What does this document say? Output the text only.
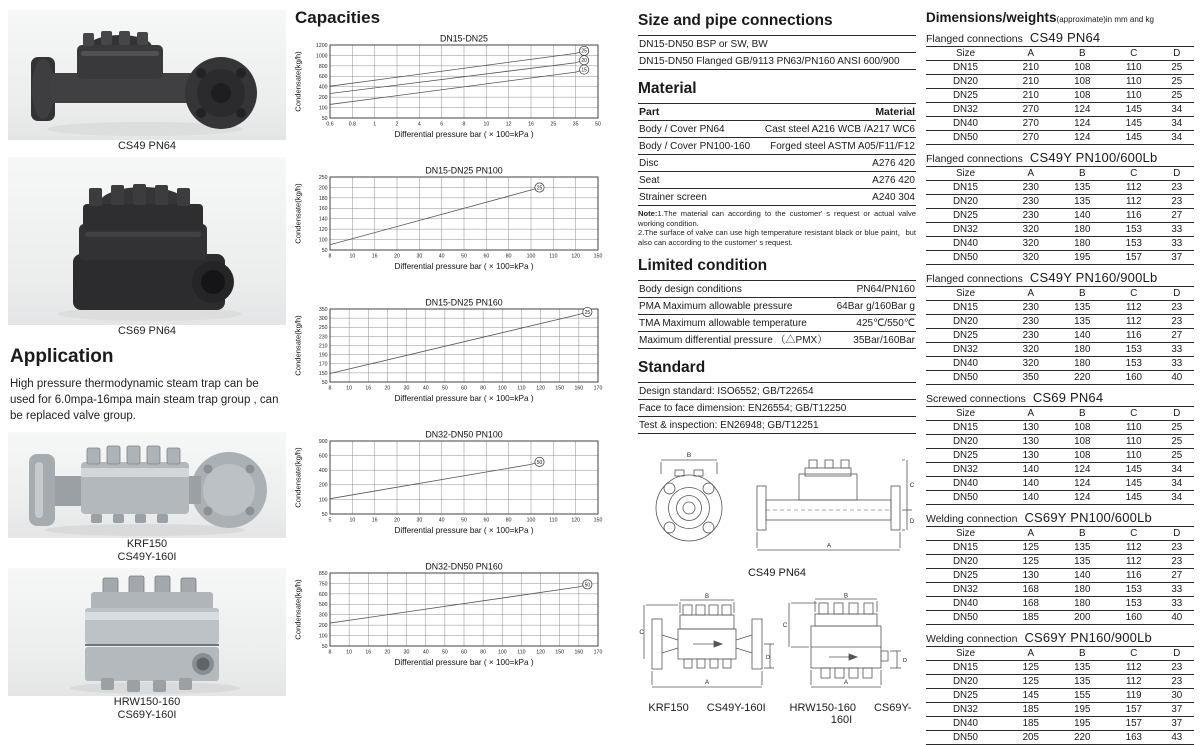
CS49 PN64
CS69 PN64
Application
High pressure thermodynamic steam trap can be used for 6.0mpa-16mpa main steam trap group , can be replaced valve group.
KRF150
CS49Y-160I
HRW150-160
CS69Y-160I
Capacities
DN15-DN25
0.6	0.8	1	2	4	6	8	10	12	16	25	35	50
50
100
200
400
600
800
1000
1200
Condensate(kg/h)
Differential pressure bar ( × 100=kPa )
25
20
15
DN15-DN25 PN100
8	10	16	20	30	40	50	60	80	100	110	120	150
50
100
120
140
160
180
200
250
Condensate(kg/h)
Differential pressure bar ( × 100=kPa )
25
DN15-DN25 PN160
8	10	16	20	30	40	50	60	80 100 110 120 150 160 170
50
150
170
190
210
230
250
300
350
Condensate(kg/h)
Differential pressure bar ( × 100=kPa )
25
DN32-DN50 PN100
5	10	16	20	30	40	50	60	80	100	110	120	150
50
100
200
400
600
900
Condensate(kg/h)
Differential pressure bar ( × 100=kPa )
50
DN32-DN50 PN160
8	10	16	20	30	40	50	60	80 100 110 120 150 160 170
50
100
200
300
500
600
750
850
Condensate(kg/h)
Differential pressure bar ( × 100=kPa )
50
Size and pipe connections
DN15-DN50 BSP or SW, BW
DN15-DN50 Flanged GB/9113 PN63/PN160 ANSI 600/900
Material
Part	Material
Body / Cover PN64	Cast steel A216 WCB /A217 WC6
Body / Cover PN100-160 Forged steel ASTM A05/F11/F12
Disc	A276 420
Seat	A276 420
Strainer screen	A240 304
Note:1.The material can according to the customer' s request or actual valve working condition.
2.The surface of valve can use high temperature resistant black or blue paint，but also can according to the customer' s request.
Limited condition
Body design conditions	PN64/PN160
PMA Maximum allowable pressure	64Bar g/160Bar g
TMA Maximum allowable temperature	425℃/550℃
Maximum differential pressure （△PMX）	35Bar/160Bar
Standard
Design standard: ISO6552; GB/T22654
Face to face dimension: EN26554; GB/T12250
Test & inspection: EN26948; GB/T12251
B
A
C
D
CS49 PN64
B
C
D
A
KRF150 CS49Y-160I
B
C
D
A
HRW150-160 CS69Y-160I
Dimensions/weights(approximate)in mm and kg
Flanged connections CS49 PN64
Size	A	B	C	D
DN15	210	108	110	25
DN20	210	108	110	25
DN25	210	108	110	25
DN32	270	124	145	34
DN40	270	124	145	34
DN50	270	124	145	34
Flanged connections CS49Y PN100/600Lb
Size	A	B	C	D
DN15	230	135	112	23
DN20	230	135	112	23
DN25	230	140	116	27
DN32	320	180	153	33
DN40	320	180	153	33
DN50	320	195	157	37
Flanged connections CS49Y PN160/900Lb
Size	A	B	C	D
DN15	230	135	112	23
DN20	230	135	112	23
DN25	230	140	116	27
DN32	320	180	153	33
DN40	320	180	153	33
DN50	350	220	160	40
Screwed connections CS69 PN64
Size	A	B	C	D
DN15	130	108	110	25
DN20	130	108	110	25
DN25	130	108	110	25
DN32	140	124	145	34
DN40	140	124	145	34
DN50	140	124	145	34
Welding connection CS69Y PN100/600Lb
Size	A	B	C	D
DN15	125	135	112	23
DN20	125	135	112	23
DN25	130	140	116	27
DN32	168	180	153	33
DN40	168	180	153	33
DN50	185	200	160	40
Welding connection CS69Y PN160/900Lb
Size	A	B	C	D
DN15	125	135	112	23
DN20	125	135	112	23
DN25	145	155	119	30
DN32	185	195	157	37
DN40	185	195	157	37
DN50	205	220	163	43
